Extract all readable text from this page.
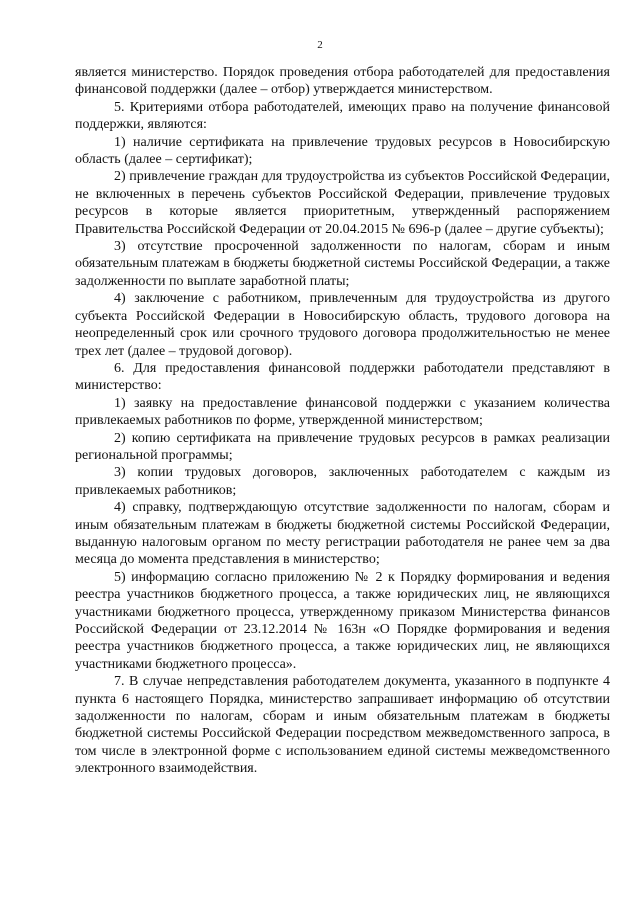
2

является министерство. Порядок проведения отбора работодателей для предоставления финансовой поддержки (далее – отбор) утверждается министерством.

5. Критериями отбора работодателей, имеющих право на получение финансовой поддержки, являются:

1) наличие сертификата на привлечение трудовых ресурсов в Новосибирскую область (далее – сертификат);

2) привлечение граждан для трудоустройства из субъектов Российской Федерации, не включенных в перечень субъектов Российской Федерации, привлечение трудовых ресурсов в которые является приоритетным, утвержденный распоряжением Правительства Российской Федерации от 20.04.2015 № 696-р (далее – другие субъекты);

3) отсутствие просроченной задолженности по налогам, сборам и иным обязательным платежам в бюджеты бюджетной системы Российской Федерации, а также задолженности по выплате заработной платы;

4) заключение с работником, привлеченным для трудоустройства из другого субъекта Российской Федерации в Новосибирскую область, трудового договора на неопределенный срок или срочного трудового договора продолжительностью не менее трех лет (далее – трудовой договор).

6. Для предоставления финансовой поддержки работодатели представляют в министерство:

1) заявку на предоставление финансовой поддержки с указанием количества привлекаемых работников по форме, утвержденной министерством;

2) копию сертификата на привлечение трудовых ресурсов в рамках реализации региональной программы;

3) копии трудовых договоров, заключенных работодателем с каждым из привлекаемых работников;

4) справку, подтверждающую отсутствие задолженности по налогам, сборам и иным обязательным платежам в бюджеты бюджетной системы Российской Федерации, выданную налоговым органом по месту регистрации работодателя не ранее чем за два месяца до момента представления в министерство;

5) информацию согласно приложению № 2 к Порядку формирования и ведения реестра участников бюджетного процесса, а также юридических лиц, не являющихся участниками бюджетного процесса, утвержденному приказом Министерства финансов Российской Федерации от 23.12.2014 № 163н «О Порядке формирования и ведения реестра участников бюджетного процесса, а также юридических лиц, не являющихся участниками бюджетного процесса».

7. В случае непредставления работодателем документа, указанного в подпункте 4 пункта 6 настоящего Порядка, министерство запрашивает информацию об отсутствии задолженности по налогам, сборам и иным обязательным платежам в бюджеты бюджетной системы Российской Федерации посредством межведомственного запроса, в том числе в электронной форме с использованием единой системы межведомственного электронного взаимодействия.
